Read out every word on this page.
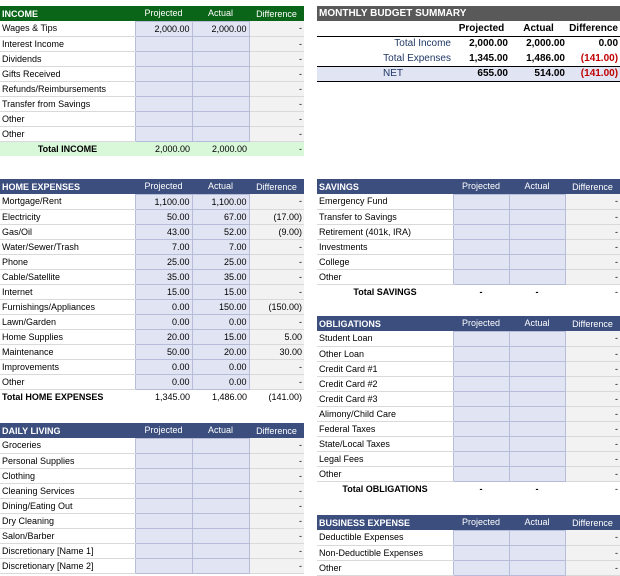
INCOME	Projected	Actual	Difference
Wages & Tips	2,000.00	2,000.00	-
Interest Income			-
Dividends			-
Gifts Received			-
Refunds/Reimbursements			-
Transfer from Savings			-
Other			-
Other			-
Total INCOME	2,000.00	2,000.00	-
MONTHLY BUDGET SUMMARY			
	Projected	Actual	Difference
Total Income	2,000.00	2,000.00	0.00
Total Expenses	1,345.00	1,486.00	(141.00)
NET	655.00	514.00	(141.00)
HOME EXPENSES	Projected	Actual	Difference
Mortgage/Rent	1,100.00	1,100.00	-
Electricity	50.00	67.00	(17.00)
Gas/Oil	43.00	52.00	(9.00)
Water/Sewer/Trash	7.00	7.00	-
Phone	25.00	25.00	-
Cable/Satellite	35.00	35.00	-
Internet	15.00	15.00	-
Furnishings/Appliances	0.00	150.00	(150.00)
Lawn/Garden	0.00	0.00	-
Home Supplies	20.00	15.00	5.00
Maintenance	50.00	20.00	30.00
Improvements	0.00	0.00	-
Other	0.00	0.00	-
Total HOME EXPENSES	1,345.00	1,486.00	(141.00)
DAILY LIVING	Projected	Actual	Difference
Groceries			-
Personal Supplies			-
Clothing			-
Cleaning Services			-
Dining/Eating Out			-
Dry Cleaning			-
Salon/Barber			-
Discretionary [Name 1]			-
Discretionary [Name 2]			-
SAVINGS	Projected	Actual	Difference
Emergency Fund			-
Transfer to Savings			-
Retirement (401k, IRA)			-
Investments			-
College			-
Other			-
Total SAVINGS	-	-	-
OBLIGATIONS	Projected	Actual	Difference
Student Loan			-
Other Loan			-
Credit Card #1			-
Credit Card #2			-
Credit Card #3			-
Alimony/Child Care			-
Federal Taxes			-
State/Local Taxes			-
Legal Fees			-
Other			-
Total OBLIGATIONS	-	-	-
BUSINESS EXPENSE	Projected	Actual	Difference
Deductible Expenses			-
Non-Deductible Expenses			-
Other			-
